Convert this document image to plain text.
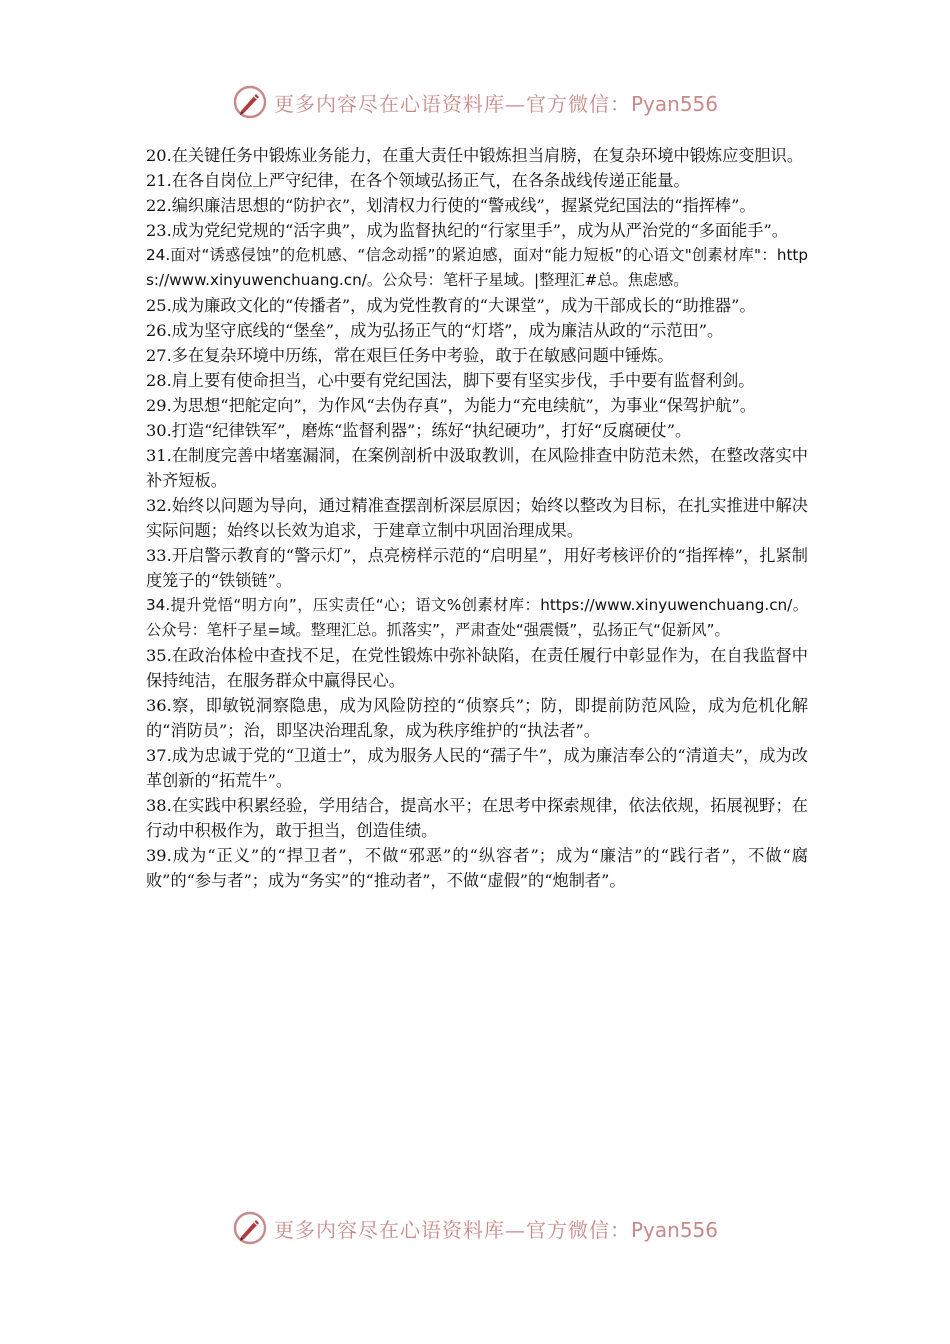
更多内容尽在心语资料库—官方微信：Pyan556

20.在关键任务中锻炼业务能力，在重大责任中锻炼担当肩膀，在复杂环境中锻炼应变胆识。

21.在各自岗位上严守纪律，在各个领域弘扬正气，在各条战线传递正能量。

22.编织廉洁思想的“防护衣”，划清权力行使的“警戒线”，握紧党纪国法的“指挥棒”。

23.成为党纪党规的“活字典”，成为监督执纪的“行家里手”，成为从严治党的“多面能手”。

24.面对“诱惑侵蚀”的危机感、“信念动摇”的紧迫感，面对“能力短板”的心语文"创素材库"：https://www.xinyuwenchuang.cn/。公众号：笔杆子星域。|整理汇#总。焦虑感。

25.成为廉政文化的“传播者”，成为党性教育的“大课堂”，成为干部成长的“助推器”。

26.成为坚守底线的“堡垒”，成为弘扬正气的“灯塔”，成为廉洁从政的“示范田”。

27.多在复杂环境中历练，常在艰巨任务中考验，敢于在敏感问题中锤炼。

28.肩上要有使命担当，心中要有党纪国法，脚下要有坚实步伐，手中要有监督利剑。

29.为思想“把舵定向”，为作风“去伪存真”，为能力“充电续航”，为事业“保驾护航”。

30.打造“纪律铁军”，磨炼“监督利器”；练好“执纪硬功”，打好“反腐硬仗”。

31.在制度完善中堵塞漏洞，在案例剖析中汲取教训，在风险排查中防范未然，在整改落实中补齐短板。

32.始终以问题为导向，通过精准查摆剖析深层原因；始终以整改为目标，在扎实推进中解决实际问题；始终以长效为追求，于建章立制中巩固治理成果。

33.开启警示教育的“警示灯”，点亮榜样示范的“启明星”，用好考核评价的“指挥棒”，扎紧制度笼子的“铁锁链”。

34.提升党悟“明方向”，压实责任“心；语文%创素材库：https://www.xinyuwenchuang.cn/。公众号：笔杆子星=域。整理汇总。抓落实”，严肃查处“强震慑”，弘扬正气“促新风”。

35.在政治体检中查找不足，在党性锻炼中弥补缺陷，在责任履行中彰显作为，在自我监督中保持纯洁，在服务群众中赢得民心。

36.察，即敏锐洞察隐患，成为风险防控的“侦察兵”；防，即提前防范风险，成为危机化解的“消防员”；治，即坚决治理乱象，成为秩序维护的“执法者”。

37.成为忠诚于党的“卫道士”，成为服务人民的“孺子牛”，成为廉洁奉公的“清道夫”，成为改革创新的“拓荒牛”。

38.在实践中积累经验，学用结合，提高水平；在思考中探索规律，依法依规，拓展视野；在行动中积极作为，敢于担当，创造佳绩。

39.成为“正义”的“捍卫者”，不做“邪恶”的“纵容者”；成为“廉洁”的“践行者”，不做“腐败”的“参与者”；成为“务实”的“推动者”，不做“虚假”的“炮制者”。

更多内容尽在心语资料库—官方微信：Pyan556
